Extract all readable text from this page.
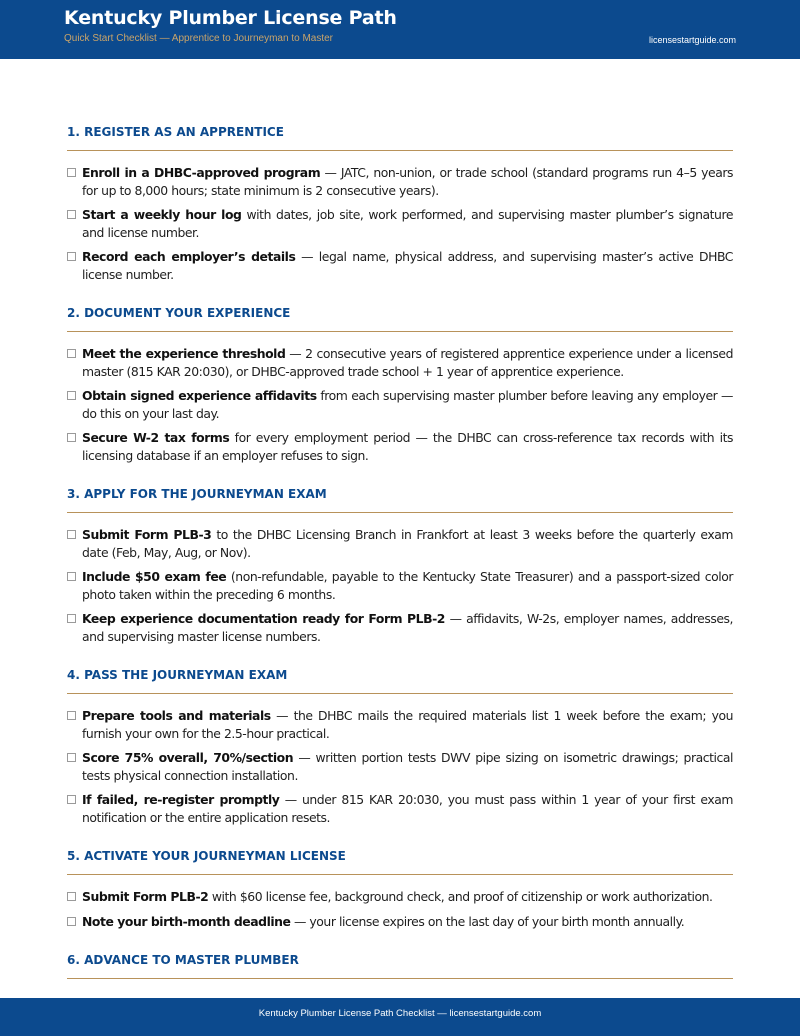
Kentucky Plumber License Path
Quick Start Checklist — Apprentice to Journeyman to Master	licensestartguide.com
1. REGISTER AS AN APPRENTICE
Enroll in a DHBC-approved program — JATC, non-union, or trade school (standard programs run 4–5 years for up to 8,000 hours; state minimum is 2 consecutive years).
Start a weekly hour log with dates, job site, work performed, and supervising master plumber’s signature and license number.
Record each employer’s details — legal name, physical address, and supervising master’s active DHBC license number.
2. DOCUMENT YOUR EXPERIENCE
Meet the experience threshold — 2 consecutive years of registered apprentice experience under a licensed master (815 KAR 20:030), or DHBC-approved trade school + 1 year of apprentice experience.
Obtain signed experience affidavits from each supervising master plumber before leaving any employer — do this on your last day.
Secure W-2 tax forms for every employment period — the DHBC can cross-reference tax records with its licensing database if an employer refuses to sign.
3. APPLY FOR THE JOURNEYMAN EXAM
Submit Form PLB-3 to the DHBC Licensing Branch in Frankfort at least 3 weeks before the quarterly exam date (Feb, May, Aug, or Nov).
Include $50 exam fee (non-refundable, payable to the Kentucky State Treasurer) and a passport-sized color photo taken within the preceding 6 months.
Keep experience documentation ready for Form PLB-2 — affidavits, W-2s, employer names, addresses, and supervising master license numbers.
4. PASS THE JOURNEYMAN EXAM
Prepare tools and materials — the DHBC mails the required materials list 1 week before the exam; you furnish your own for the 2.5-hour practical.
Score 75% overall, 70%/section — written portion tests DWV pipe sizing on isometric drawings; practical tests physical connection installation.
If failed, re-register promptly — under 815 KAR 20:030, you must pass within 1 year of your first exam notification or the entire application resets.
5. ACTIVATE YOUR JOURNEYMAN LICENSE
Submit Form PLB-2 with $60 license fee, background check, and proof of citizenship or work authorization.
Note your birth-month deadline — your license expires on the last day of your birth month annually.
6. ADVANCE TO MASTER PLUMBER
Kentucky Plumber License Path Checklist — licensestartguide.com
